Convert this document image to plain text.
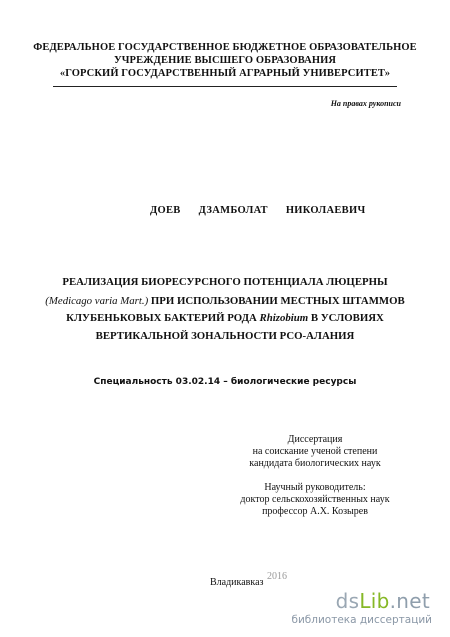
ФЕДЕРАЛЬНОЕ ГОСУДАРСТВЕННОЕ БЮДЖЕТНОЕ ОБРАЗОВАТЕЛЬНОЕ
УЧРЕЖДЕНИЕ ВЫСШЕГО ОБРАЗОВАНИЯ
«ГОРСКИЙ ГОСУДАРСТВЕННЫЙ АГРАРНЫЙ УНИВЕРСИТЕТ»
На правах рукописи
ДОЕВ ДЗАМБОЛАТ НИКОЛАЕВИЧ
РЕАЛИЗАЦИЯ БИОРЕСУРСНОГО ПОТЕНЦИАЛА ЛЮЦЕРНЫ
(Medicago varia Mart.) ПРИ ИСПОЛЬЗОВАНИИ МЕСТНЫХ ШТАММОВ
КЛУБЕНЬКОВЫХ БАКТЕРИЙ РОДА Rhizobium В УСЛОВИЯХ
ВЕРТИКАЛЬНОЙ ЗОНАЛЬНОСТИ РСО-АЛАНИЯ
Специальность 03.02.14 – биологические ресурсы
Диссертация
на соискание ученой степени
кандидата биологических наук
Научный руководитель:
доктор сельскохозяйственных наук
профессор А.Х. Козырев
Владикавказ
2016
dsLib.net
библиотека диссертаций
